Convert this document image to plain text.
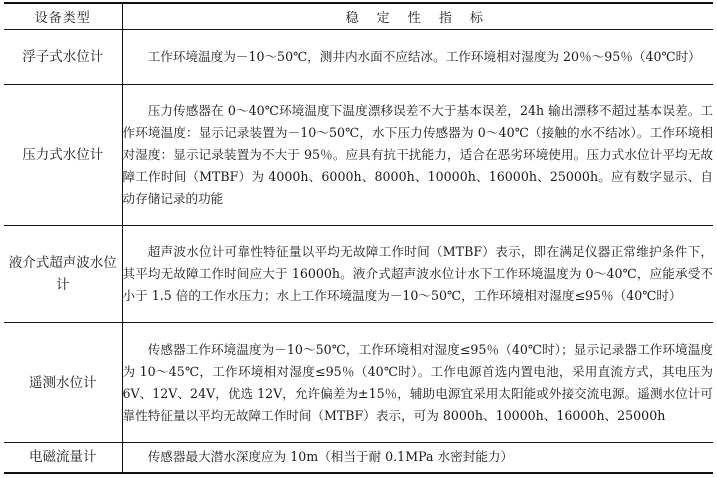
设备类型	稳 定 性 指 标
浮子式水位计	工作环境温度为－10～50℃，测井内水面不应结冰。工作环境相对湿度为 20％～95％（40℃时）
压力式水位计	压力传感器在 0～40℃环境温度下温度漂移误差不大于基本误差，24h 输出漂移不超过基本误差。工作环境温度：显示记录装置为－10～50℃，水下压力传感器为 0～40℃（接触的水不结冰）。工作环境相对湿度：显示记录装置为不大于 95％。应具有抗干扰能力，适合在恶劣环境使用。压力式水位计平均无故障工作时间（MTBF）为 4000h、6000h、8000h、10000h、16000h、25000h。应有数字显示、自动存储记录的功能
液介式超声波水位计	超声波水位计可靠性特征量以平均无故障工作时间（MTBF）表示，即在满足仪器正常维护条件下，其平均无故障工作时间应大于 16000h。液介式超声波水位计水下工作环境温度为 0～40℃，应能承受不小于 1.5 倍的工作水压力；水上工作环境温度为－10～50℃，工作环境相对湿度≤95％（40℃时）
遥测水位计	传感器工作环境温度为－10～50℃，工作环境相对湿度≤95％（40℃时）；显示记录器工作环境温度为 10～45℃，工作环境相对湿度≤95％（40℃时）。工作电源首选内置电池，采用直流方式，其电压为 6V、12V、24V，优选 12V，允许偏差为±15％，辅助电源宜采用太阳能或外接交流电源。遥测水位计可靠性特征量以平均无故障工作时间（MTBF）表示，可为 8000h、10000h、16000h、25000h
电磁流量计	传感器最大潜水深度应为 10m（相当于耐 0.1MPa 水密封能力）
